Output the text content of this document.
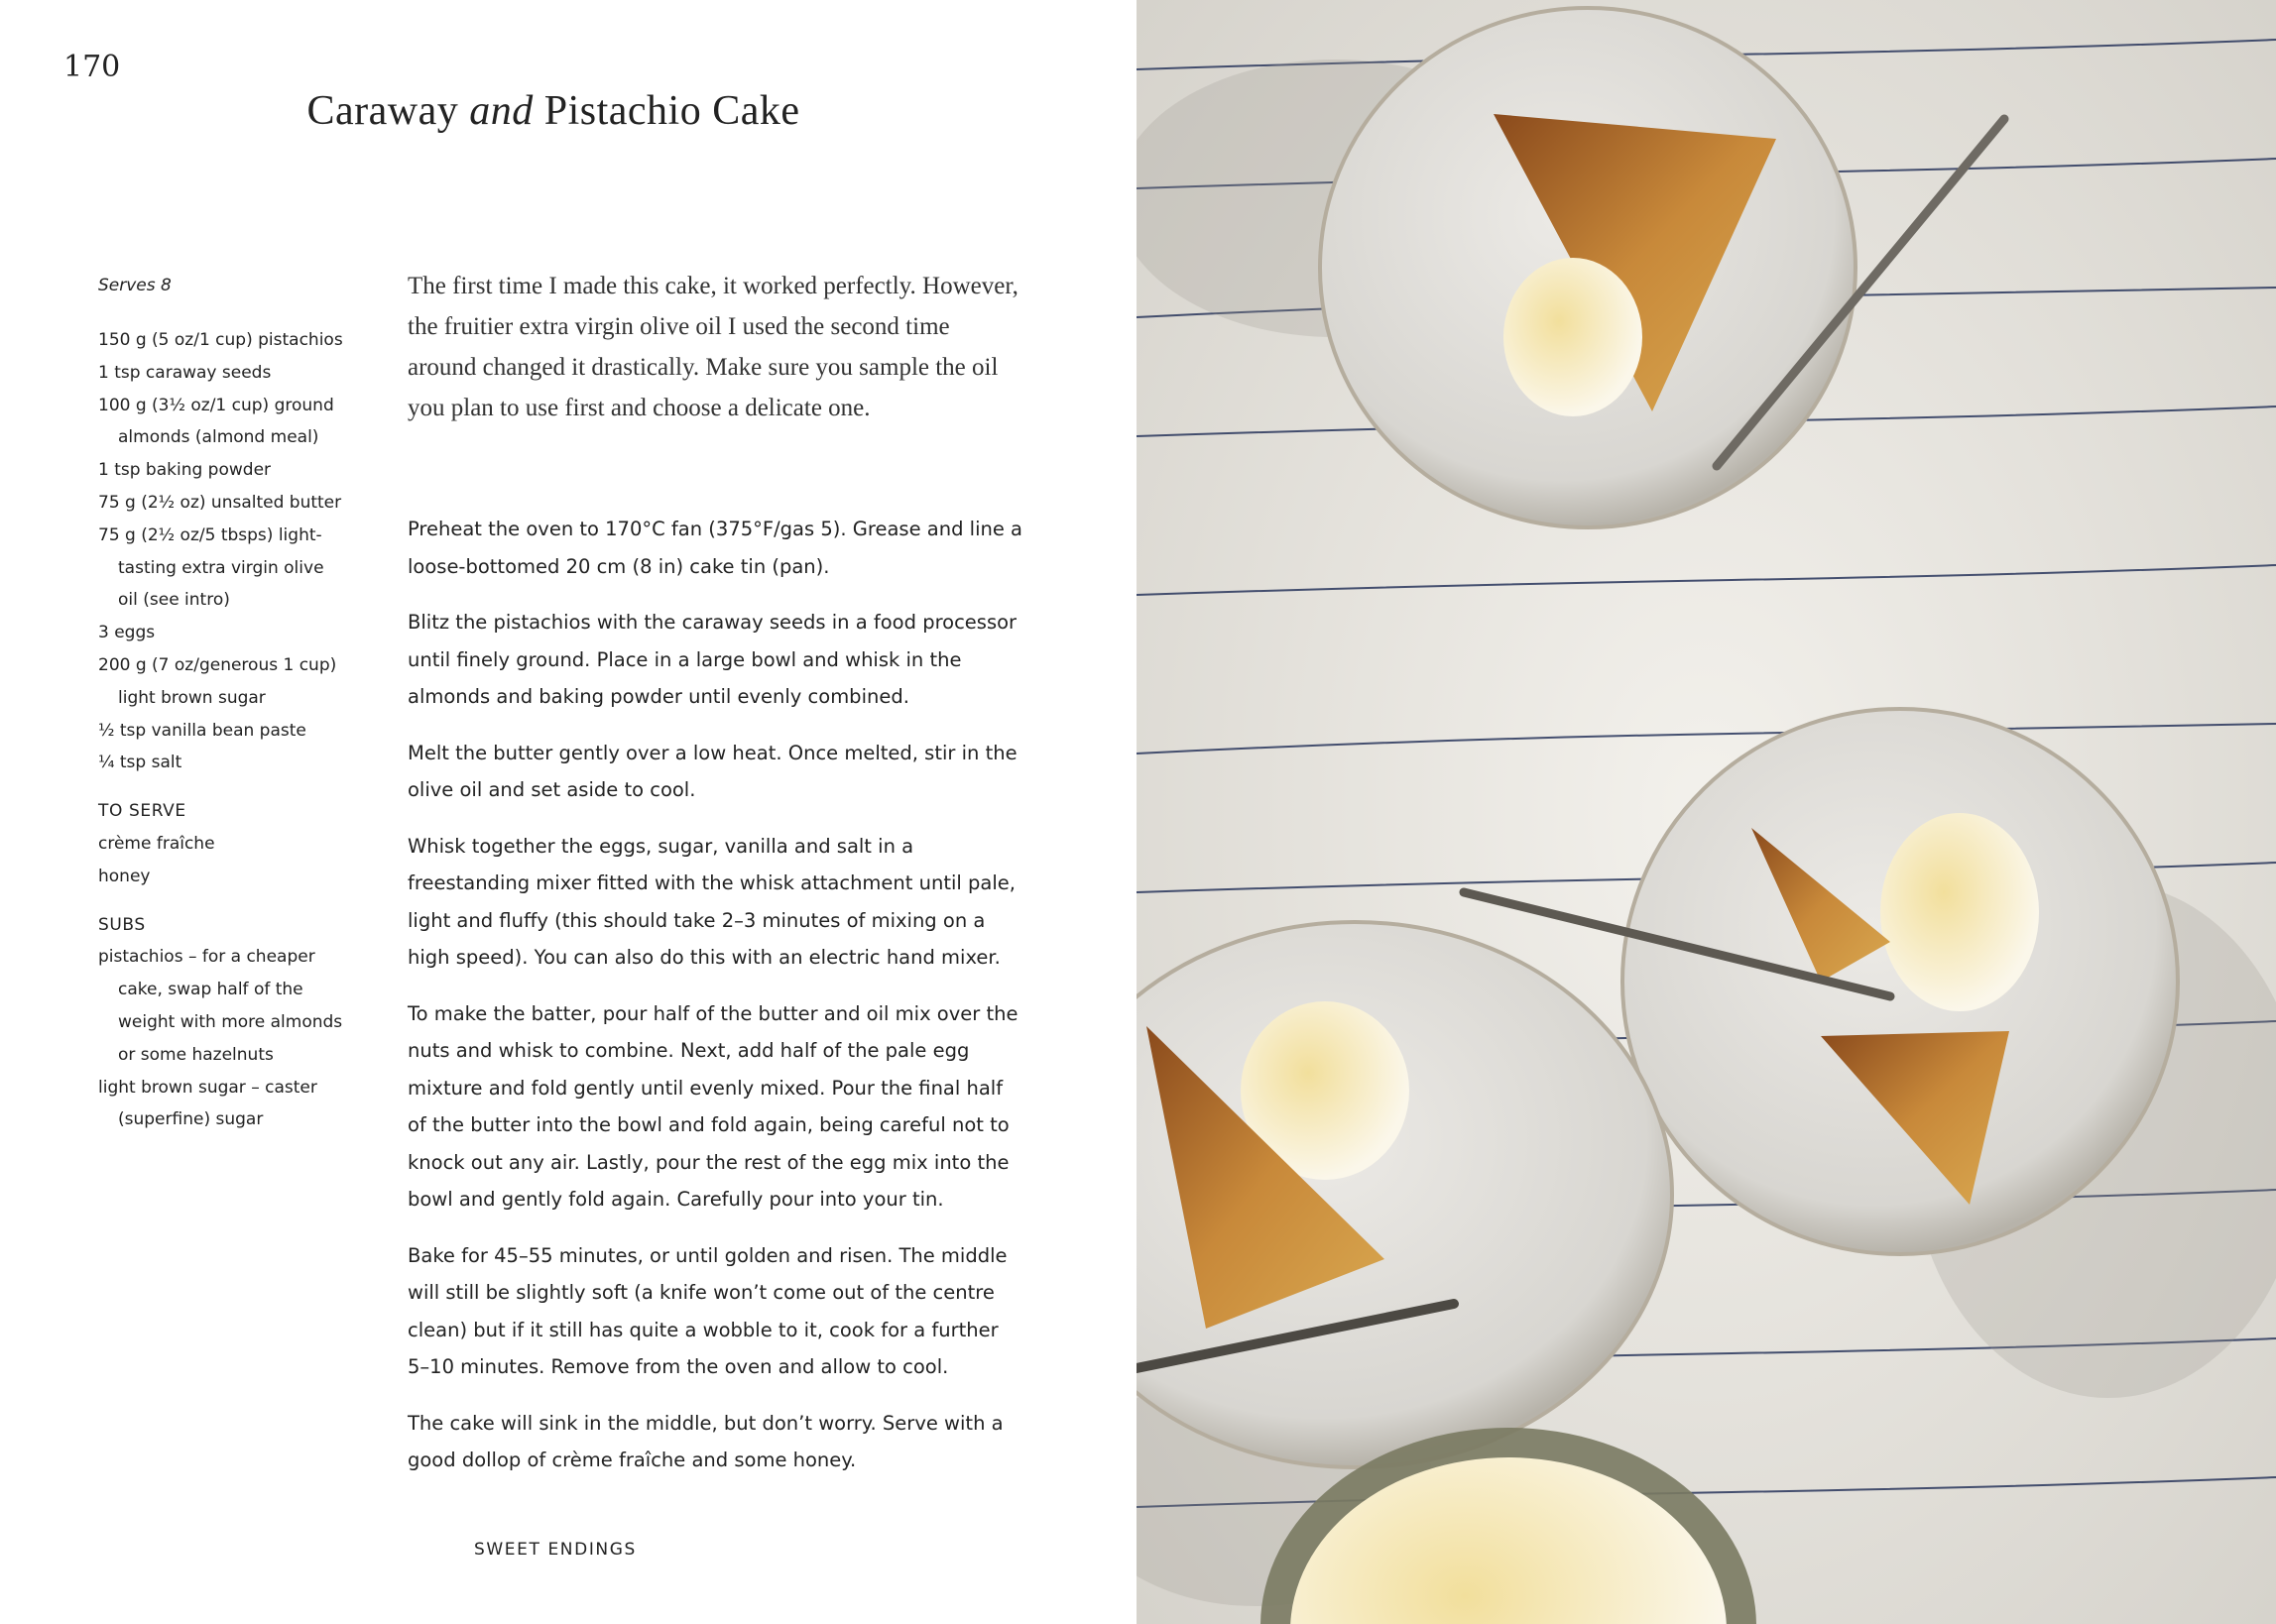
170
Caraway and Pistachio Cake
Serves 8
150 g (5 oz/1 cup) pistachios
1 tsp caraway seeds
100 g (3½ oz/1 cup) ground
almonds (almond meal)
1 tsp baking powder
75 g (2½ oz) unsalted butter
75 g (2½ oz/5 tbsps) light-
tasting extra virgin olive
oil (see intro)
3 eggs
200 g (7 oz/generous 1 cup)
light brown sugar
½ tsp vanilla bean paste
¼ tsp salt
TO SERVE
crème fraîche
honey
SUBS
pistachios – for a cheaper
cake, swap half of the
weight with more almonds
or some hazelnuts
light brown sugar – caster
(superfine) sugar
The first time I made this cake, it worked perfectly. However, the fruitier extra virgin olive oil I used the second time around changed it drastically. Make sure you sample the oil you plan to use first and choose a delicate one.

Preheat the oven to 170°C fan (375°F/gas 5). Grease and line a loose-bottomed 20 cm (8 in) cake tin (pan).

Blitz the pistachios with the caraway seeds in a food processor until finely ground. Place in a large bowl and whisk in the almonds and baking powder until evenly combined.

Melt the butter gently over a low heat. Once melted, stir in the olive oil and set aside to cool.

Whisk together the eggs, sugar, vanilla and salt in a freestanding mixer fitted with the whisk attachment until pale, light and fluffy (this should take 2–3 minutes of mixing on a high speed). You can also do this with an electric hand mixer.

To make the batter, pour half of the butter and oil mix over the nuts and whisk to combine. Next, add half of the pale egg mixture and fold gently until evenly mixed. Pour the final half of the butter into the bowl and fold again, being careful not to knock out any air. Lastly, pour the rest of the egg mix into the bowl and gently fold again. Carefully pour into your tin.

Bake for 45–55 minutes, or until golden and risen. The middle will still be slightly soft (a knife won’t come out of the centre clean) but if it still has quite a wobble to it, cook for a further 5–10 minutes. Remove from the oven and allow to cool.

The cake will sink in the middle, but don’t worry. Serve with a good dollop of crème fraîche and some honey.

SWEET ENDINGS
